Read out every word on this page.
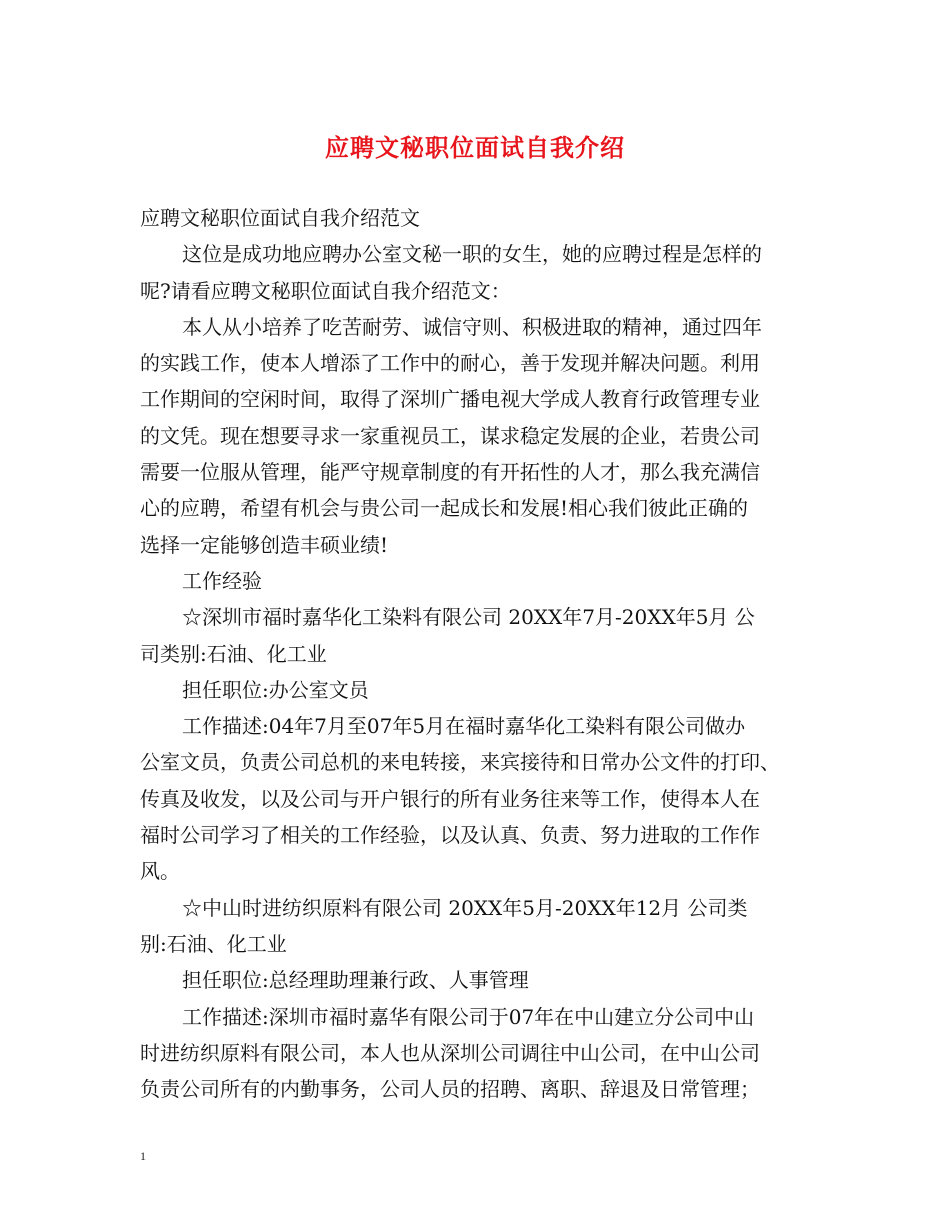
应聘文秘职位面试自我介绍
应聘文秘职位面试自我介绍范文
这位是成功地应聘办公室文秘一职的女生，她的应聘过程是怎样的
呢?请看应聘文秘职位面试自我介绍范文：
本人从小培养了吃苦耐劳、诚信守则、积极进取的精神，通过四年
的实践工作，使本人增添了工作中的耐心，善于发现并解决问题。利用
工作期间的空闲时间，取得了深圳广播电视大学成人教育行政管理专业
的文凭。现在想要寻求一家重视员工，谋求稳定发展的企业，若贵公司
需要一位服从管理，能严守规章制度的有开拓性的人才，那么我充满信
心的应聘，希望有机会与贵公司一起成长和发展!相心我们彼此正确的
选择一定能够创造丰硕业绩!
工作经验
☆深圳市福时嘉华化工染料有限公司 20XX年7月-20XX年5月 公
司类别:石油、化工业
担任职位:办公室文员
工作描述:04年7月至07年5月在福时嘉华化工染料有限公司做办
公室文员，负责公司总机的来电转接，来宾接待和日常办公文件的打印、
传真及收发，以及公司与开户银行的所有业务往来等工作，使得本人在
福时公司学习了相关的工作经验，以及认真、负责、努力进取的工作作
风。
☆中山时进纺织原料有限公司 20XX年5月-20XX年12月 公司类
别:石油、化工业
担任职位:总经理助理兼行政、人事管理
工作描述:深圳市福时嘉华有限公司于07年在中山建立分公司中山
时进纺织原料有限公司，本人也从深圳公司调往中山公司，在中山公司
负责公司所有的内勤事务，公司人员的招聘、离职、辞退及日常管理；
1
